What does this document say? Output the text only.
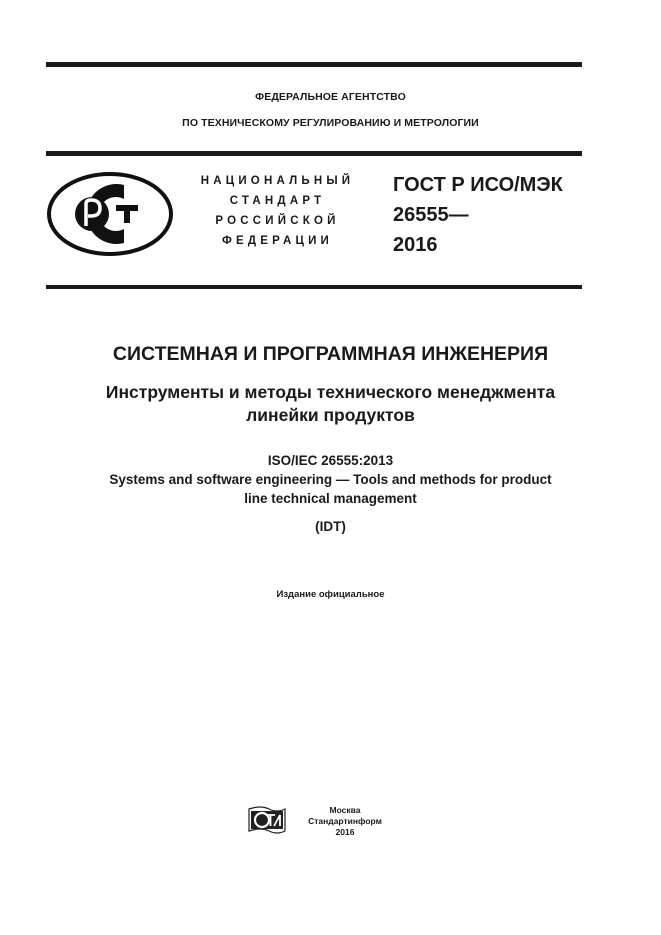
ФЕДЕРАЛЬНОЕ АГЕНТСТВО
ПО ТЕХНИЧЕСКОМУ РЕГУЛИРОВАНИЮ И МЕТРОЛОГИИ
НАЦИОНАЛЬНЫЙ
СТАНДАРТ
РОССИЙСКОЙ
ФЕДЕРАЦИИ
ГОСТ Р ИСО/МЭК
26555—
2016
СИСТЕМНАЯ И ПРОГРАММНАЯ ИНЖЕНЕРИЯ
Инструменты и методы технического менеджмента
линейки продуктов
ISO/IEC 26555:2013
Systems and software engineering — Tools and methods for product
line technical management
(IDT)
Издание официальное
Москва
Стандартинформ
2016
